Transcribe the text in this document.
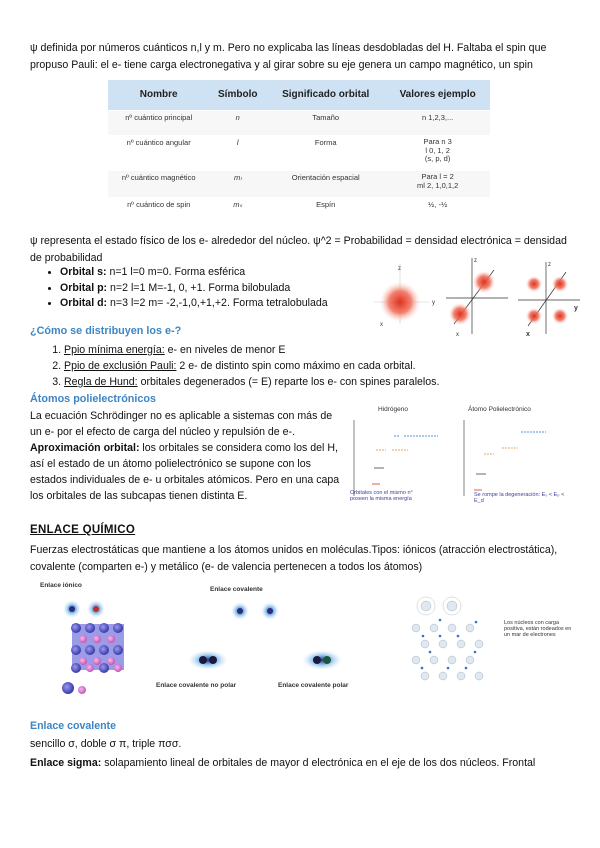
ψ definida por números cuánticos n,l y m. Pero no explicaba las líneas desdobladas del H. Faltaba el spin que propuso Pauli: el e- tiene carga electronegativa y al girar sobre su eje genera un campo magnético, un spin
Nombre	Símbolo	Significado orbital	Valores ejemplo
nº cuántico principal	n	Tamaño	n 1,2,3,...
nº cuántico angular	l	Forma	Para n 3
l 0, 1, 2
(s, p, d)
nº cuántico magnético	mₗ	Orientación espacial	Para l = 2
ml 2, 1,0,1,2
nº cuántico de spin	mₛ	Espín	½, -½
ψ representa el estado físico de los e- alrededor del núcleo. ψ^2 = Probabilidad = densidad electrónica = densidad de probabilidad
• Orbital s: n=1 l=0 m=0. Forma esférica
• Orbital p: n=2 l=1 M=-1, 0, +1. Forma bilobulada
• Orbital d: n=3 l=2 m= -2,-1,0,+1,+2. Forma tetralobulada
z
y
x
z
x
z
y
x
¿Cómo se distribuyen los e-?
1. Ppio mínima energía: e- en niveles de menor E
2. Ppio de exclusión Pauli: 2 e- de distinto spin como máximo en cada orbital.
3. Regla de Hund: orbitales degenerados (= E) reparte los e- con spines paralelos.
Átomos polielectrónicos
La ecuación Schrödinger no es aplicable a sistemas con más de un e- por el efecto de carga del núcleo y repulsión de e-. Aproximación orbital: los orbitales se considera como los del H, así el estado de un átomo polielectrónico se supone con los estados individuales de e- u orbitales atómicos. Pero en una capa los orbitales de las subcapas tienen distinta E.
Hidrógeno	Átomo Polielectrónico
Orbitales con el mismo n° poseen la misma energía
Se rompe la degeneración: Eₛ < Eₚ < E_d
ENLACE QUÍMICO
Fuerzas electrostáticas que mantiene a los átomos unidos en moléculas.Tipos: iónicos (atracción electrostática), covalente (comparten e-) y metálico (e- de valencia pertenecen a todos los átomos)
Enlace iónico
Enlace covalente
Enlace covalente no polar	Enlace covalente polar
Los núcleos con carga positiva, están rodeados en un mar de electrones
Enlace covalente
sencillo σ, doble σ π, triple πσσ.
Enlace sigma: solapamiento lineal de orbitales de mayor d electrónica en el eje de los dos núcleos. Frontal
